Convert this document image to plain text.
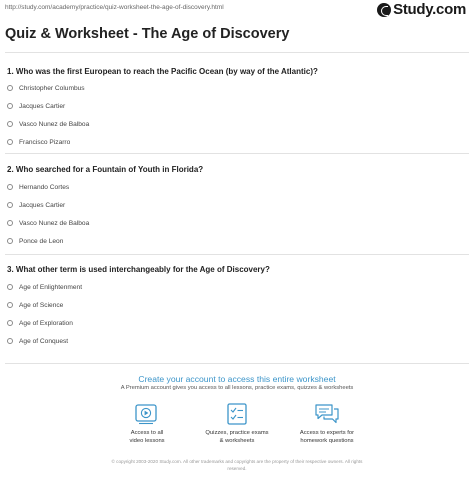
http://study.com/academy/practice/quiz-worksheet-the-age-of-discovery.html	Study.com
Quiz & Worksheet - The Age of Discovery
1. Who was the first European to reach the Pacific Ocean (by way of the Atlantic)?
Christopher Columbus
Jacques Cartier
Vasco Nunez de Balboa
Francisco Pizarro
2. Who searched for a Fountain of Youth in Florida?
Hernando Cortes
Jacques Cartier
Vasco Nunez de Balboa
Ponce de Leon
3. What other term is used interchangeably for the Age of Discovery?
Age of Enlightenment
Age of Science
Age of Exploration
Age of Conquest
Create your account to access this entire worksheet
A Premium account gives you access to all lessons, practice exams, quizzes & worksheets
Access to all
video lessons
Quizzes, practice exams
& worksheets
Access to experts for
homework questions
© copyright 2003-2020 Study.com. All other trademarks and copyrights are the property of their respective owners. All rights
reserved.
